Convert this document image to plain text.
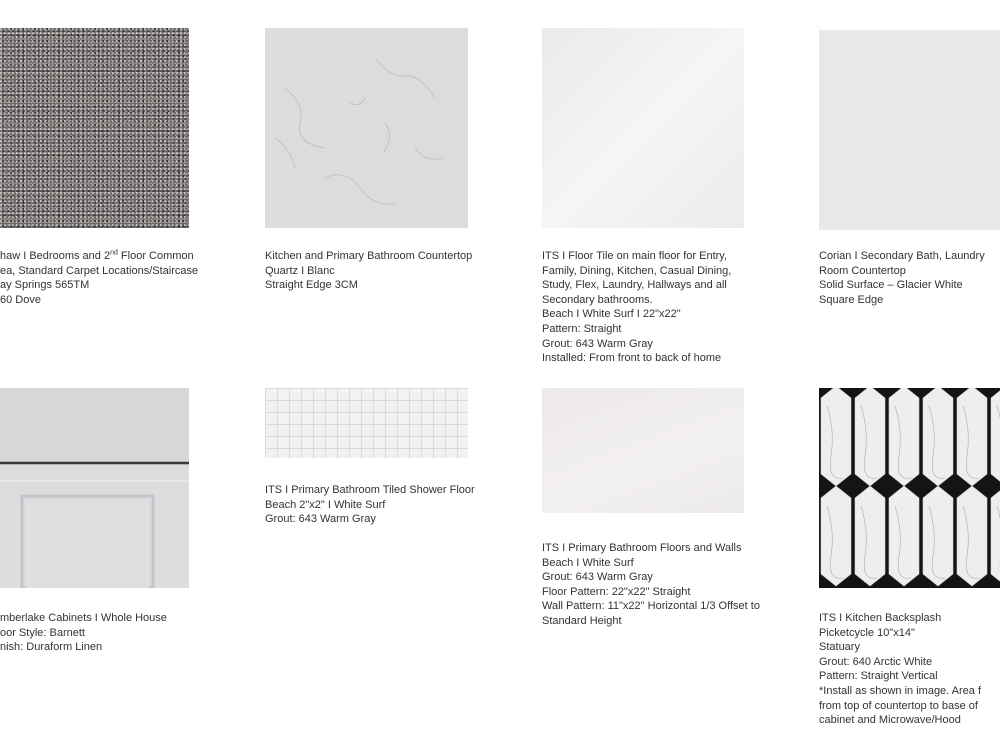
haw I Bedrooms and 2nd Floor Common
ea, Standard Carpet Locations/Staircase
ay Springs 565TM
60 Dove
Kitchen and Primary Bathroom Countertop
Quartz I Blanc
Straight Edge 3CM
ITS I Floor Tile on main floor for Entry,
Family, Dining, Kitchen, Casual Dining,
Study, Flex, Laundry, Hallways and all
Secondary bathrooms.
Beach I White Surf I 22"x22"
Pattern: Straight
Grout: 643 Warm Gray
Installed: From front to back of home
Corian I Secondary Bath, Laundry
Room Countertop
Solid Surface – Glacier White
Square Edge
mberlake Cabinets I Whole House
oor Style: Barnett
nish: Duraform Linen
ITS I Primary Bathroom Tiled Shower Floor
Beach 2"x2" I White Surf
Grout: 643 Warm Gray
ITS I Primary Bathroom Floors and Walls
Beach I White Surf
Grout: 643 Warm Gray
Floor Pattern: 22"x22" Straight
Wall Pattern: 11"x22" Horizontal 1/3 Offset to
Standard Height	ITS I Kitchen Backsplash
Picketcycle 10"x14"
Statuary
Grout: 640 Arctic White
Pattern: Straight Vertical
*Install as shown in image. Area f
from top of countertop to base of
cabinet and Microwave/Hood
